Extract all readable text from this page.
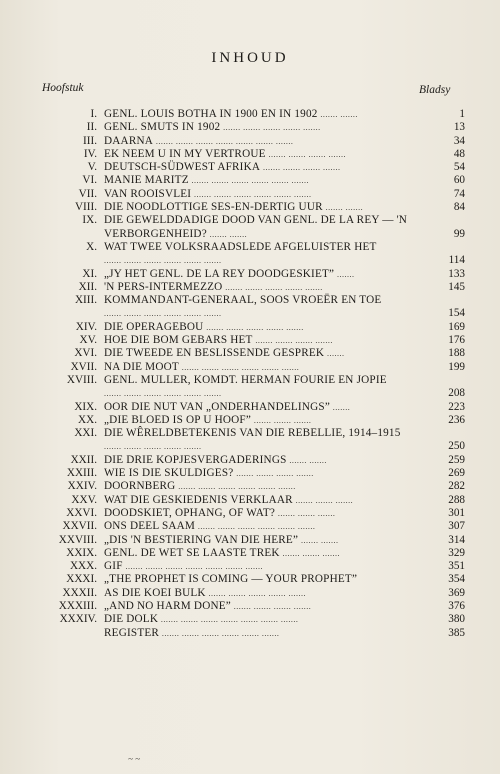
INHOUD
Hoofstuk	Bladsy
I. GENL. LOUIS BOTHA IN 1900 EN IN 1902 ....... .......	1
II. GENL. SMUTS IN 1902 ....... ....... ....... ....... .......	13
III. DAARNA ....... ....... ....... ....... ....... ....... .......	34
IV. EK NEEM U IN MY VERTROUE ....... ....... ....... .......	48
V. DEUTSCH-SÜDWEST AFRIKA ....... ....... ....... .......	54
VI. MANIE MARITZ ....... ....... ....... ....... ....... .......	60
VII. VAN ROOISVLEI ....... ....... ....... ....... ....... .......	74
VIII. DIE NOODLOTTIGE SES-EN-DERTIG UUR ....... .......	84
IX. DIE GEWELDDADIGE DOOD VAN GENL. DE LA REY — 'N VERBORGENHEID? ....... .......	99
X. WAT TWEE VOLKSRAADSLEDE AFGELUISTER HET ....... ....... ....... ....... ....... .......	114
XI. „JY HET GENL. DE LA REY DOODGESKIET” .......	133
XII. 'N PERS-INTERMEZZO ....... ....... ....... ....... .......	145
XIII. KOMMANDANT-GENERAAL, SOOS VROEËR EN TOE ....... ....... ....... ....... ....... .......	154
XIV. DIE OPERAGEBOU ....... ....... ....... ....... .......	169
XV. HOE DIE BOM GEBARS HET ....... ....... ....... .......	176
XVI. DIE TWEEDE EN BESLISSENDE GESPREK .......	188
XVII. NA DIE MOOT ....... ....... ....... ....... ....... .......	199
XVIII. GENL. MULLER, KOMDT. HERMAN FOURIE EN JOPIE ....... ....... ....... ....... ....... .......	208
XIX. OOR DIE NUT VAN „ONDERHANDELINGS” .......	223
XX. „DIE BLOED IS OP U HOOF” ....... ....... .......	236
XXI. DIE WÊRELDBETEKENIS VAN DIE REBELLIE, 1914–1915 ....... ....... ....... ....... .......	250
XXII. DIE DRIE KOPJESVERGADERINGS ....... .......	259
XXIII. WIE IS DIE SKULDIGES? ....... ....... ....... .......	269
XXIV. DOORNBERG ....... ....... ....... ....... ....... .......	282
XXV. WAT DIE GESKIEDENIS VERKLAAR ....... ....... .......	288
XXVI. DOODSKIET, OPHANG, OF WAT? ....... ....... .......	301
XXVII. ONS DEEL SAAM ....... ....... ....... ....... ....... .......	307
XXVIII. „DIS 'N BESTIERING VAN DIE HERE” ....... .......	314
XXIX. GENL. DE WET SE LAASTE TREK ....... ....... .......	329
XXX. GIF ....... ....... ....... ....... ....... ....... .......	351
XXXI. „THE PROPHET IS COMING — YOUR PROPHET”	354
XXXII. AS DIE KOEI BULK ....... ....... ....... ....... .......	369
XXXIII. „AND NO HARM DONE” ....... ....... ....... .......	376
XXXIV. DIE DOLK ....... ....... ....... ....... ....... ....... .......	380
REGISTER ....... ....... ....... ....... ....... .......	385
~ ~
